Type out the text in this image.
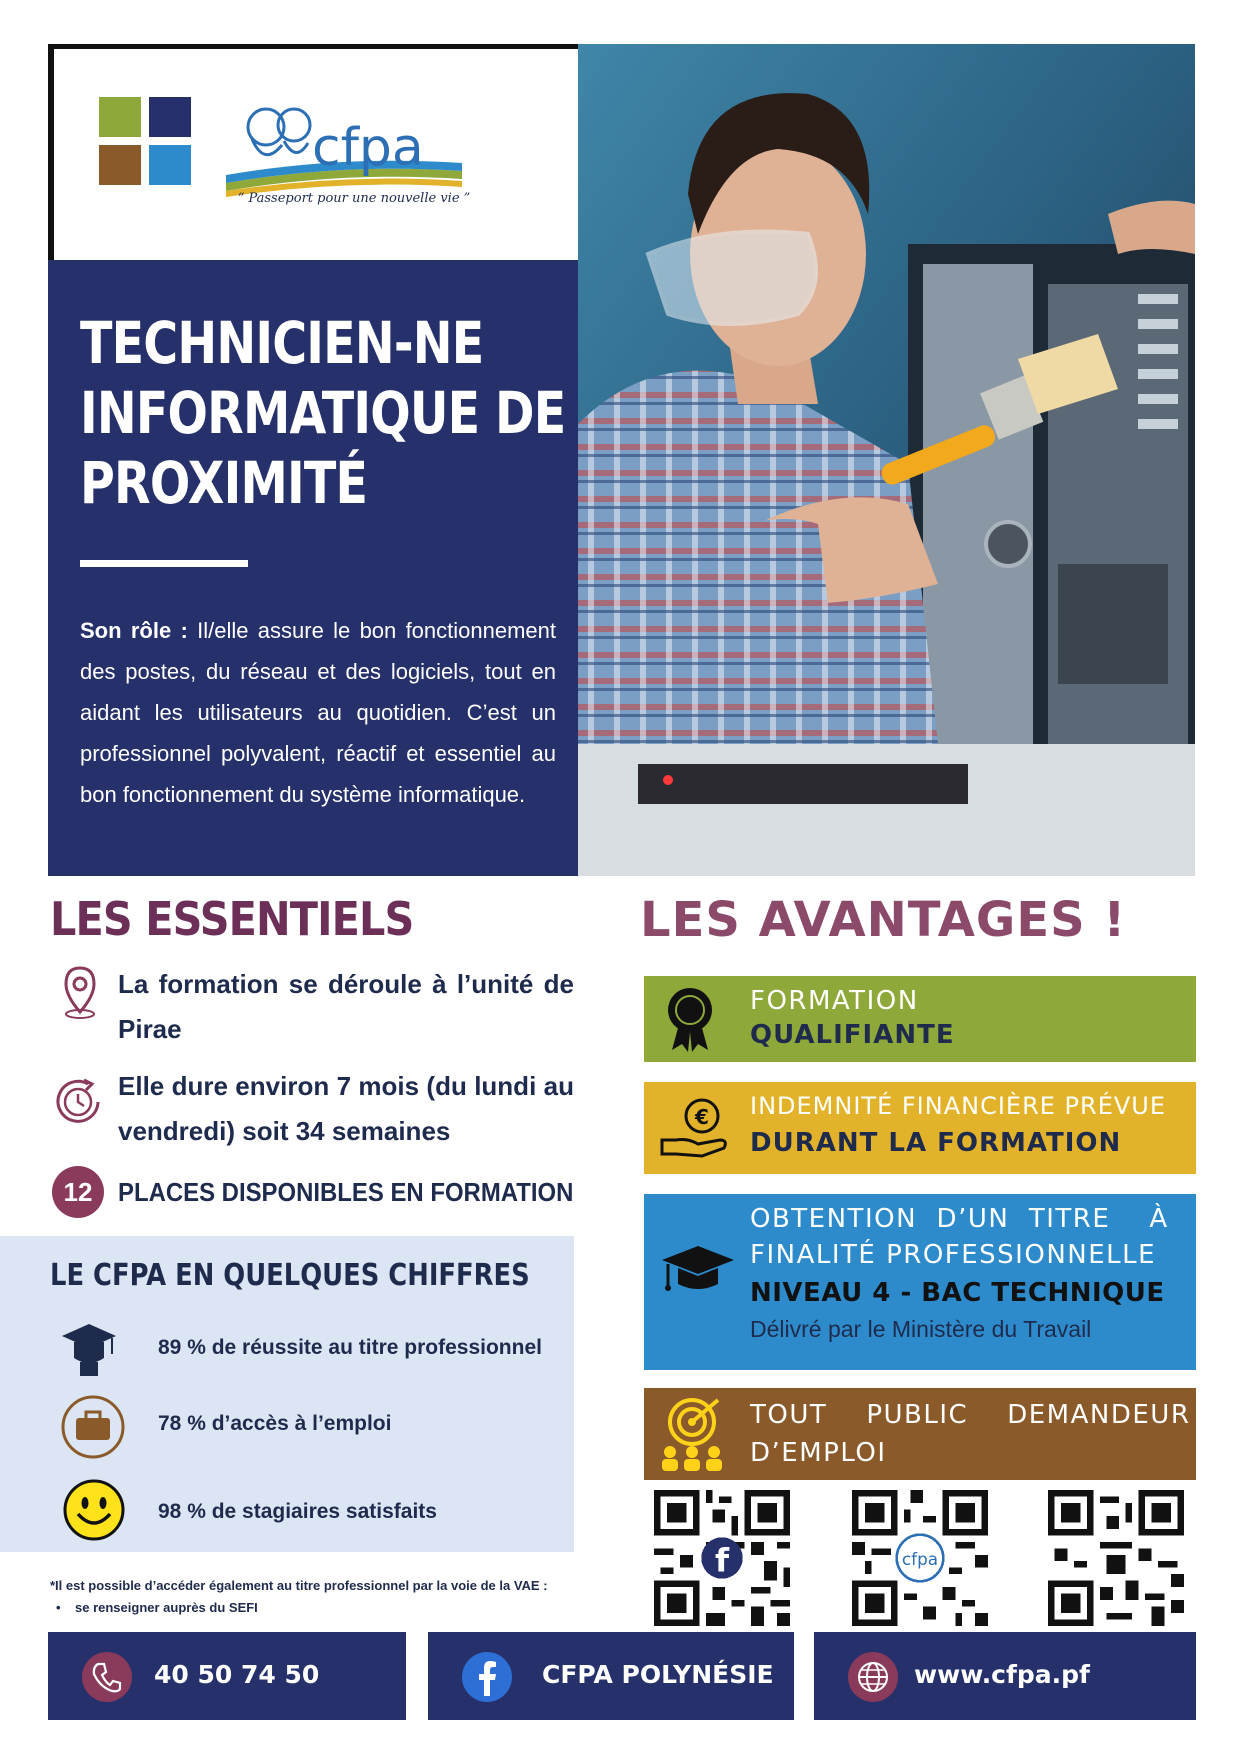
cfpa
“ Passeport pour une nouvelle vie ”
TECHNICIEN-NE
INFORMATIQUE DE
PROXIMITÉ
Son rôle : Il/elle assure le bon fonctionnement des postes, du réseau et des logiciels, tout en aidant les utilisateurs au quotidien. C’est un professionnel polyvalent, réactif et essentiel au bon fonctionnement du système informatique.
LES ESSENTIELS
La formation se déroule à l’unité de Pirae
Elle dure environ 7 mois (du lundi au vendredi) soit 34 semaines
12 PLACES DISPONIBLES EN FORMATION
LE CFPA EN QUELQUES CHIFFRES
89 % de réussite au titre professionnel
78 % d’accès à l’emploi
98 % de stagiaires satisfaits
*Il est possible d’accéder également au titre professionnel par la voie de la VAE :
•    se renseigner auprès du SEFI
LES AVANTAGES !
FORMATION
QUALIFIANTE
€ INDEMNITÉ FINANCIÈRE PRÉVUE
DURANT LA FORMATION
OBTENTION  D’UN  TITRE    À
FINALITÉ PROFESSIONNELLE
NIVEAU 4 - BAC TECHNIQUE
Délivré par le Ministère du Travail
TOUT    PUBLIC    DEMANDEUR
D’EMPLOI
f	cfpa
40 50 74 50	CFPA POLYNÉSIE	www.cfpa.pf
